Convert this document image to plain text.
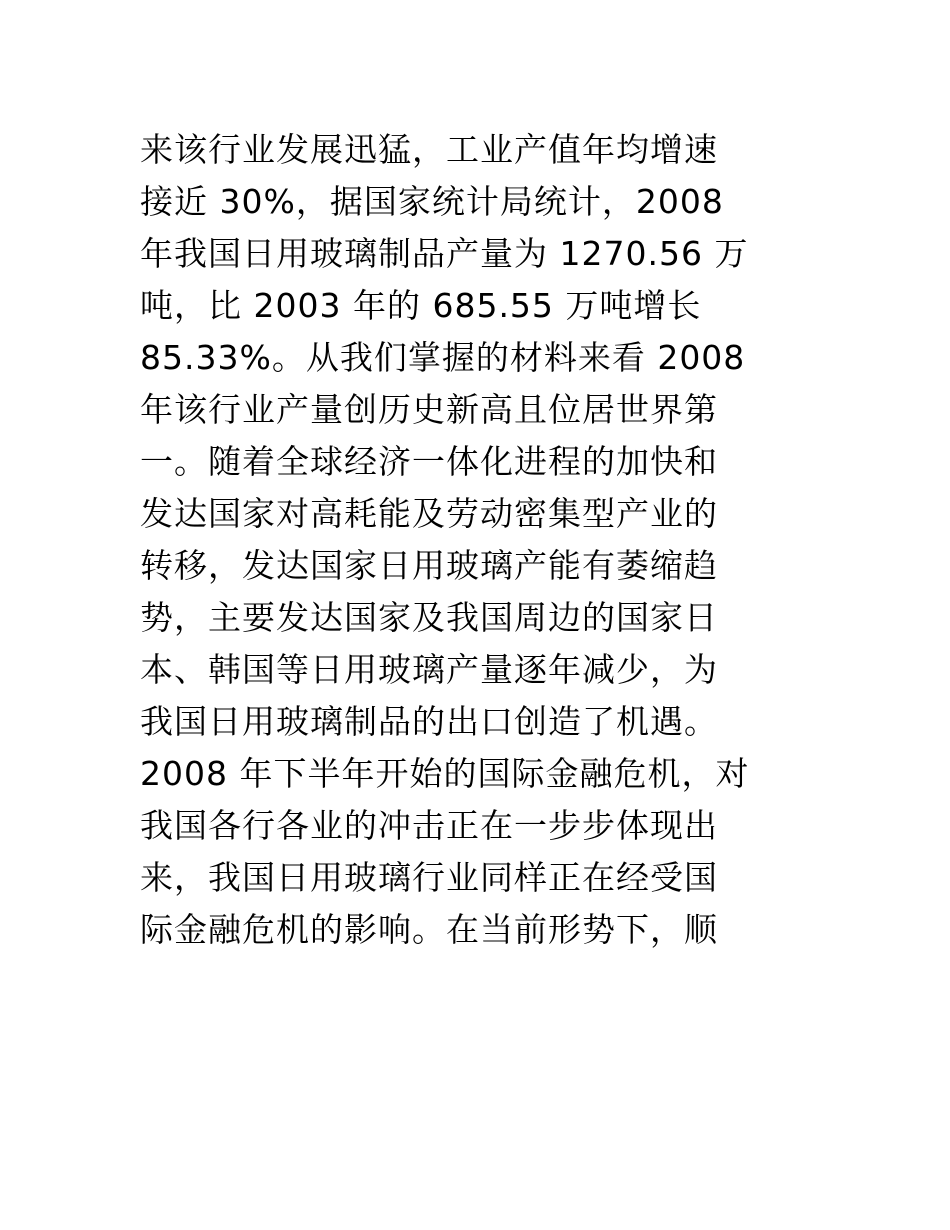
来该行业发展迅猛，工业产值年均增速
接近 30%，据国家统计局统计，2008
年我国日用玻璃制品产量为 1270.56 万
吨，比 2003 年的 685.55 万吨增长
85.33%。从我们掌握的材料来看 2008
年该行业产量创历史新高且位居世界第
一。随着全球经济一体化进程的加快和
发达国家对高耗能及劳动密集型产业的
转移，发达国家日用玻璃产能有萎缩趋
势，主要发达国家及我国周边的国家日
本、韩国等日用玻璃产量逐年减少，为
我国日用玻璃制品的出口创造了机遇。
2008 年下半年开始的国际金融危机，对
我国各行各业的冲击正在一步步体现出
来，我国日用玻璃行业同样正在经受国
际金融危机的影响。在当前形势下，顺
